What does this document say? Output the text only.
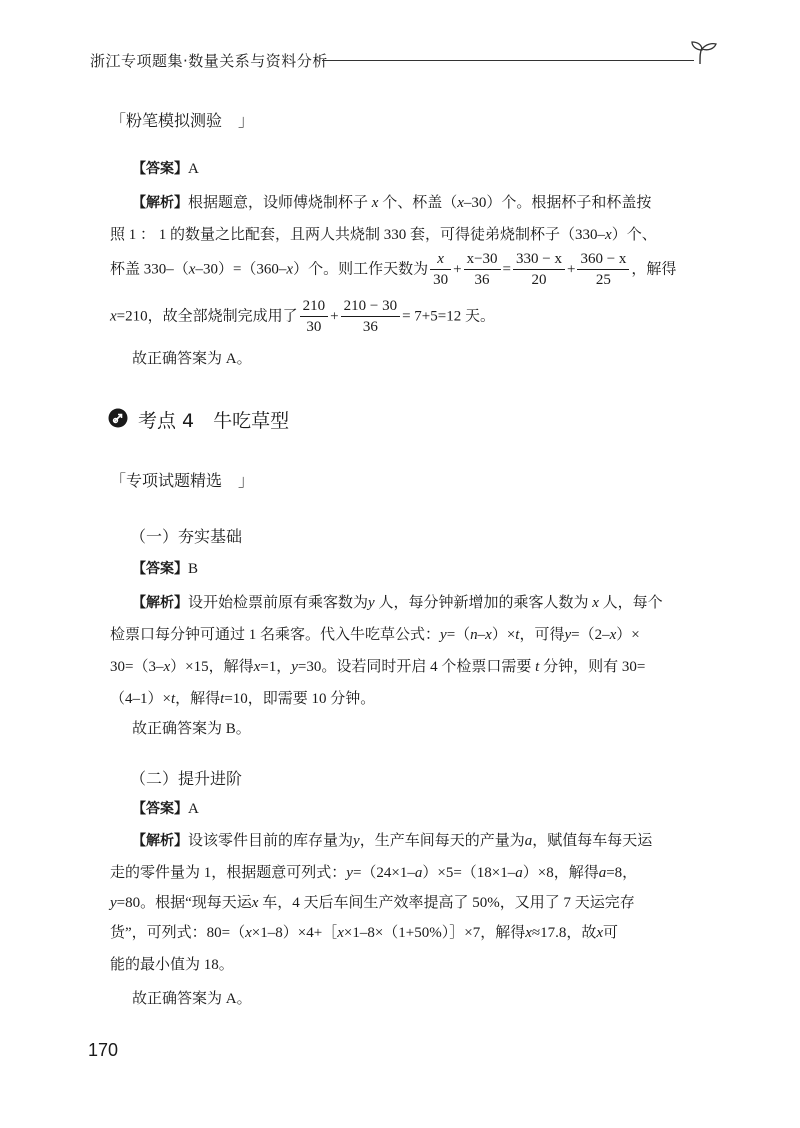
浙江专项题集·数量关系与资料分析
「粉笔模拟测验　」
【答案】A
【解析】根据题意，设师傅烧制杯子 x 个、杯盖（x–30）个。根据杯子和杯盖按
照 1 ： 1 的数量之比配套，且两人共烧制 330 套，可得徒弟烧制杯子（330–x）个、
杯盖 330–（x–30）=（360–x）个。则工作天数为 $\frac{x}{30} + \frac{x-30}{36} = \frac{330 - x}{20} + \frac{360 - x}{25}$ ，解得
x=210，故全部烧制完成用了 $\frac{210}{30} + \frac{210 - 30}{36} = 7+5=12$ 天。
故正确答案为 A。
考点 4　牛吃草型
「专项试题精选　」
（一）夯实基础
【答案】B
【解析】设开始检票前原有乘客数为y 人，每分钟新增加的乘客人数为 x 人，每个
检票口每分钟可通过 1 名乘客。代入牛吃草公式：y=（n–x）×t，可得y=（2–x）×
30=（3–x）×15，解得x=1，y=30。设若同时开启 4 个检票口需要 t 分钟，则有 30=
（4–1）×t，解得t=10，即需要 10 分钟。
故正确答案为 B。
（二）提升进阶
【答案】A
【解析】设该零件目前的库存量为y，生产车间每天的产量为a，赋值每车每天运
走的零件量为 1，根据题意可列式：y=（24×1–a）×5=（18×1–a）×8，解得a=8，
y=80。根据“现每天运x 车，4 天后车间生产效率提高了 50%，又用了 7 天运完存
货”，可列式：80=（x×1–8）×4+［x×1–8×（1+50%）］×7，解得x≈17.8，故x可
能的最小值为 18。
故正确答案为 A。
170
